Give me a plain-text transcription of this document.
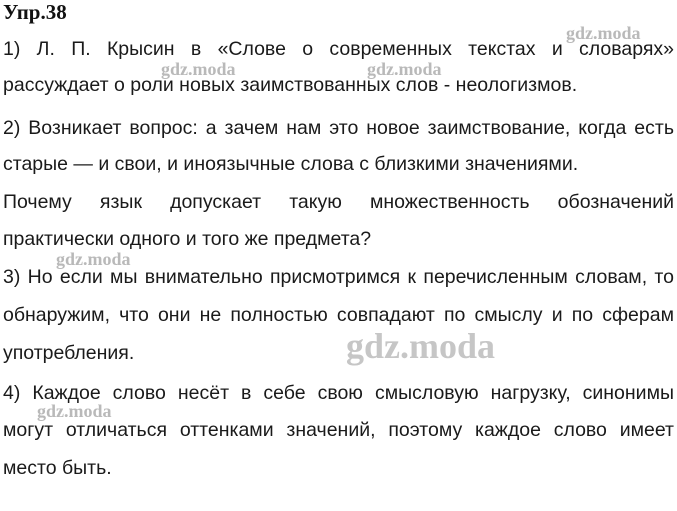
Упр.38
gdz.moda
gdz.moda	gdz.moda
gdz.moda
gdz.moda
gdz.moda
1) Л. П. Крысин в «Слове о современных текстах и словарях»
рассуждает о роли новых заимствованных слов - неологизмов.
2) Возникает вопрос: а зачем нам это новое заимствование, когда есть
старые — и свои, и иноязычные слова с близкими значениями.
Почему язык допускает такую множественность обозначений
практически одного и того же предмета?
3) Но если мы внимательно присмотримся к перечисленным словам, то
обнаружим, что они не полностью совпадают по смыслу и по сферам
употребления.
4) Каждое слово несёт в себе свою смысловую нагрузку, синонимы
могут отличаться оттенками значений, поэтому каждое слово имеет
место быть.
